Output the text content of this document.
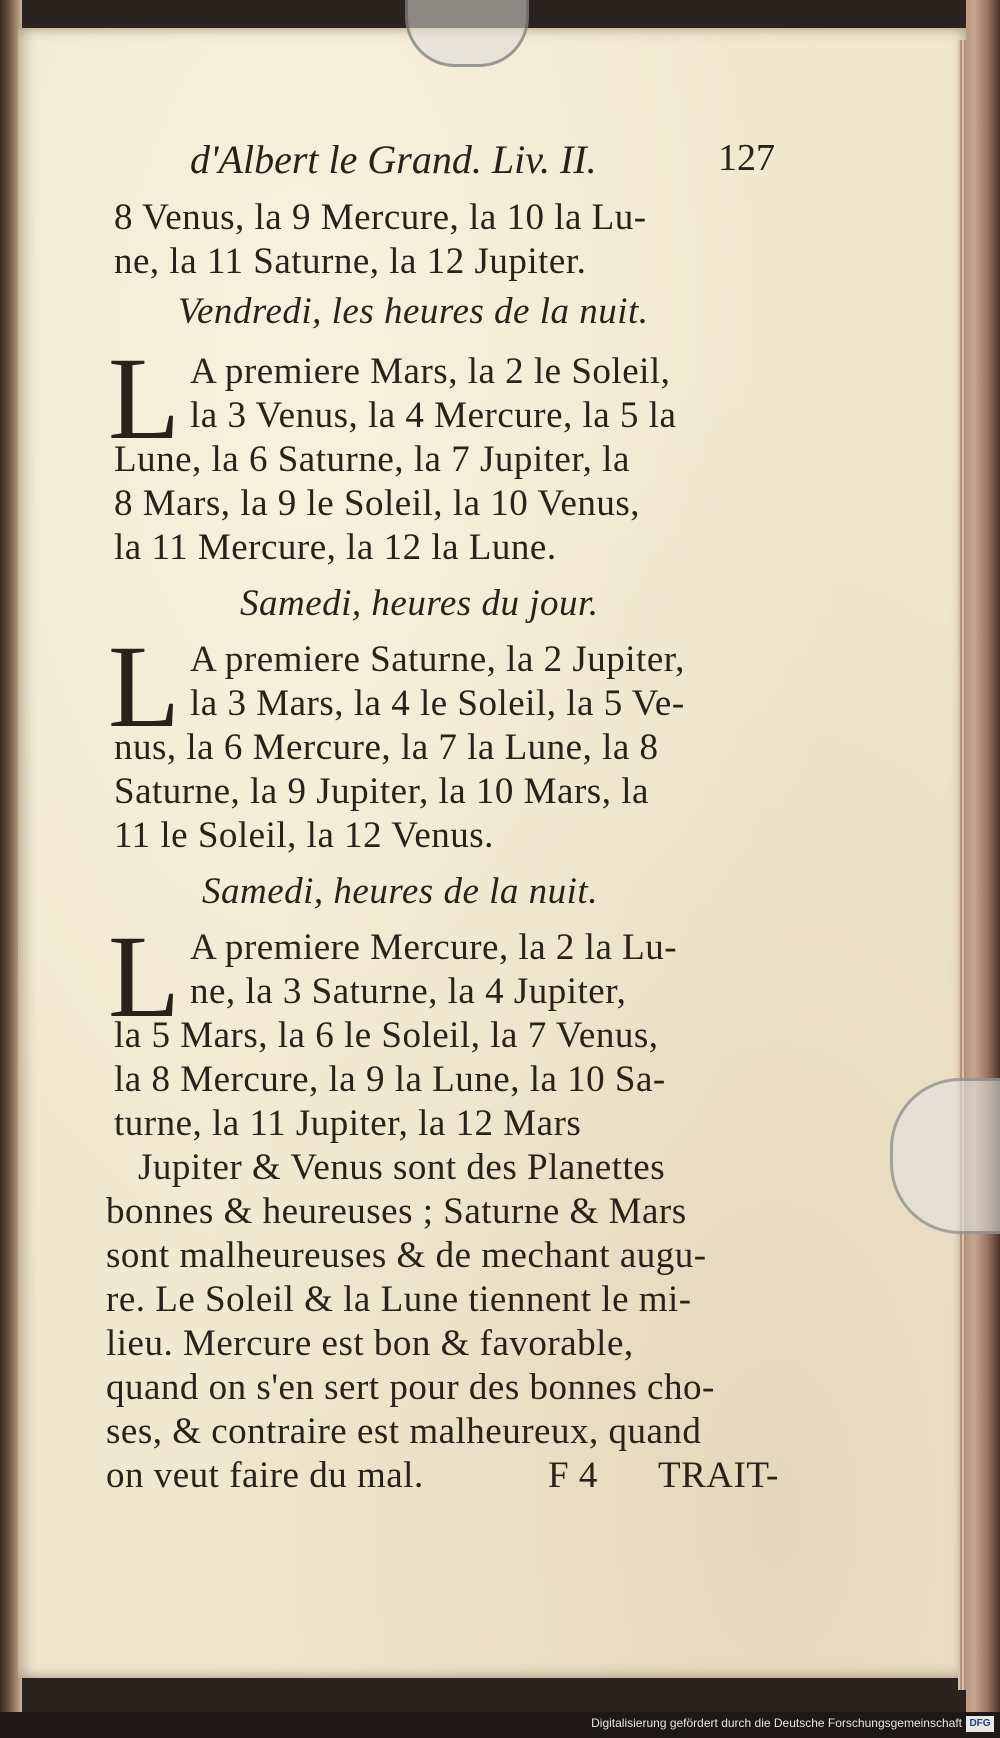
d'Albert le Grand. Liv. II.	127
8 Venus, la 9 Mercure, la 10 la Lu-
ne, la 11 Saturne, la 12 Jupiter.
Vendredi, les heures de la nuit.
L A premiere Mars, la 2 le Soleil,
la 3 Venus, la 4 Mercure, la 5 la
Lune, la 6 Saturne, la 7 Jupiter, la
8 Mars, la 9 le Soleil, la 10 Venus,
la 11 Mercure, la 12 la Lune.
Samedi, heures du jour.
L A premiere Saturne, la 2 Jupiter,
la 3 Mars, la 4 le Soleil, la 5 Ve-
nus, la 6 Mercure, la 7 la Lune, la 8
Saturne, la 9 Jupiter, la 10 Mars, la
11 le Soleil, la 12 Venus.
Samedi, heures de la nuit.
L A premiere Mercure, la 2 la Lu-
ne, la 3 Saturne, la 4 Jupiter,
la 5 Mars, la 6 le Soleil, la 7 Venus,
la 8 Mercure, la 9 la Lune, la 10 Sa-
turne, la 11 Jupiter, la 12 Mars
Jupiter & Venus sont des Planettes
bonnes & heureuses ; Saturne & Mars
sont malheureuses & de mechant augu-
re. Le Soleil & la Lune tiennent le mi-
lieu. Mercure est bon & favorable,
quand on s'en sert pour des bonnes cho-
ses, & contraire est malheureux, quand
on veut faire du mal.	F 4 TRAIT-
Digitalisierung gefördert durch die Deutsche Forschungsgemeinschaft DFG
